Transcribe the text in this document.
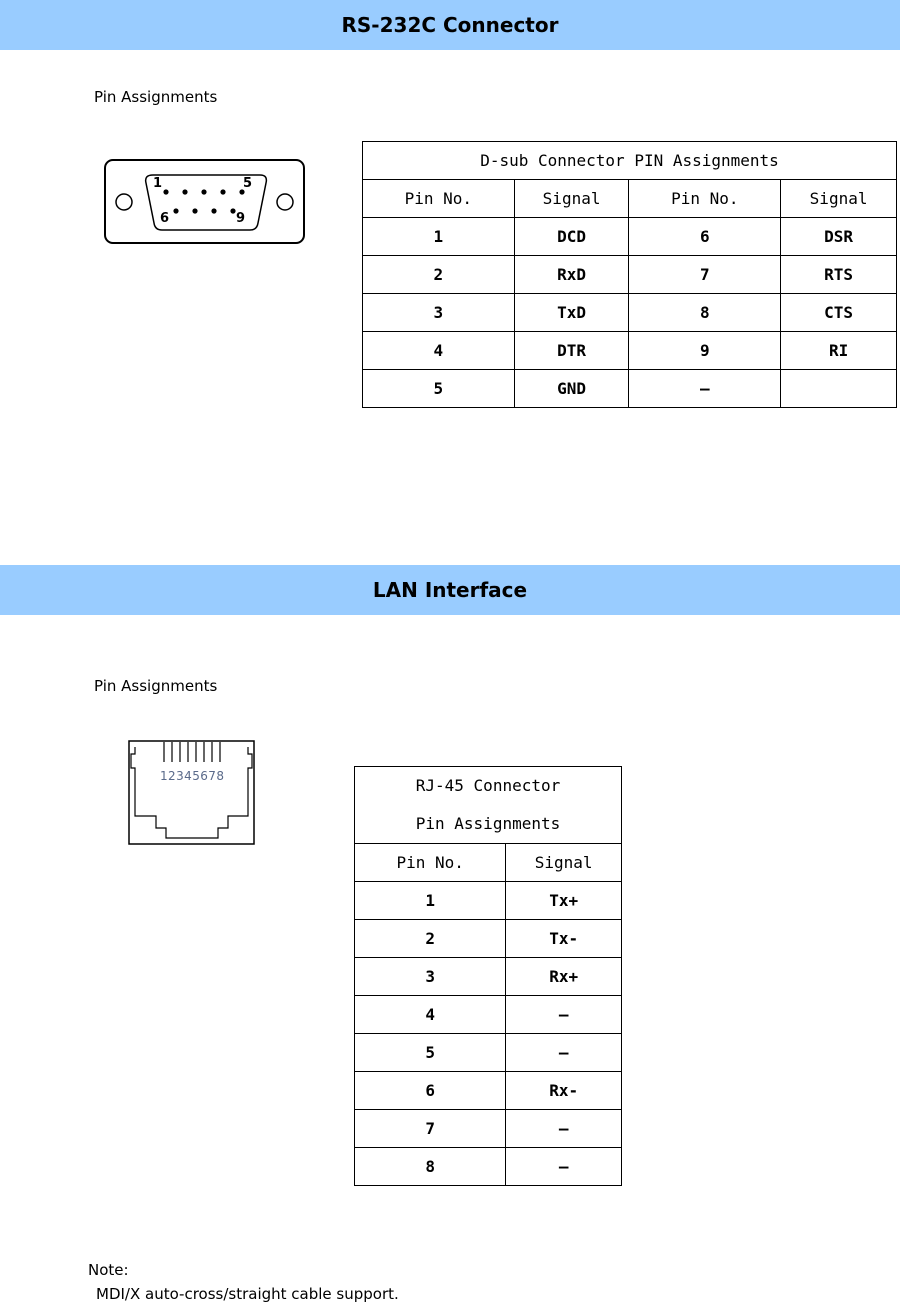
RS-232C Connector
Pin Assignments
1	5
6	9
D-sub Connector PIN Assignments			
Pin No.	Signal	Pin No.	Signal
1	DCD	6	DSR
2	RxD	7	RTS
3	TxD	8	CTS
4	DTR	9	RI
5	GND	—	
LAN Interface
Pin Assignments
12345678	RJ-45 Connector
Pin Assignments	
Pin No.	Signal
1	Tx+
2	Tx-
3	Rx+
4	—
5	—
6	Rx-
7	—
8	—
Note:
MDI/X auto-cross/straight cable support.
